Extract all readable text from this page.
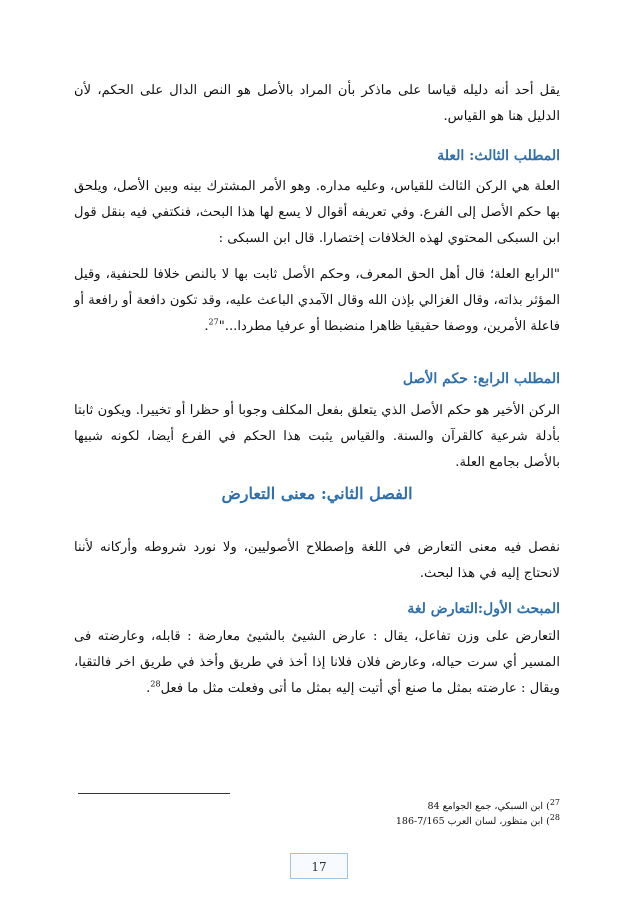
يقل أحد أنه دليله قياسا على ماذكر بأن المراد بالأصل هو النص الدال على الحكم، لأن الدليل هنا هو القياس.
المطلب الثالث: العلة
العلة هي الركن الثالث للقياس، وعليه مداره. وهو الأمر المشترك بينه وبين الأصل، ويلحق بها حكم الأصل إلى الفرع. وفي تعريفه أقوال لا يسع لها هذا البحث، فنكتفي فيه بنقل قول ابن السبكى المحتوي لهذه الخلافات إختصارا. قال ابن السبكى :
"الرابع العلة؛ قال أهل الحق المعرف، وحكم الأصل ثابت بها لا بالنص خلافا للحنفية، وقيل المؤثر بذاته، وقال الغزالي بإذن الله وقال الآمدي الباعث عليه، وقد تكون دافعة أو رافعة أو فاعلة الأمرين، ووصفا حقيقيا ظاهرا منضبطا أو عرفيا مطردا..."$^{27}$.
المطلب الرابع: حكم الأصل
الركن الأخير هو حكم الأصل الذي يتعلق بفعل المكلف وجوبا أو حظرا أو تخييرا. ويكون ثابتا بأدلة شرعية كالقرآن والسنة. والقياس يثبت هذا الحكم في الفرع أيضا، لكونه شبيها بالأصل بجامع العلة.
الفصل الثاني: معنى التعارض
نفصل فيه معنى التعارض في اللغة وإصطلاح الأصوليين، ولا نورد شروطه وأركانه لأننا لانحتاج إليه في هذا لبحث.
المبحث الأول:التعارض لغة
التعارض على وزن تفاعل، يقال : عارض الشيئ بالشيئ معارضة : قابله، وعارضته فى المسير أي سرت حياله، وعارض فلان فلانا إذا أخذ في طريق وأخذ في طريق اخر فالتقيا، ويقال : عارضته بمثل ما صنع أي أتيت إليه بمثل ما أتى وفعلت مثل ما فعل$^{28}$.
$^{27}$) ابن السبكي، جمع الجوامع 84
$^{28}$) ابن منظور، لسان العرب 7/165-186
17
